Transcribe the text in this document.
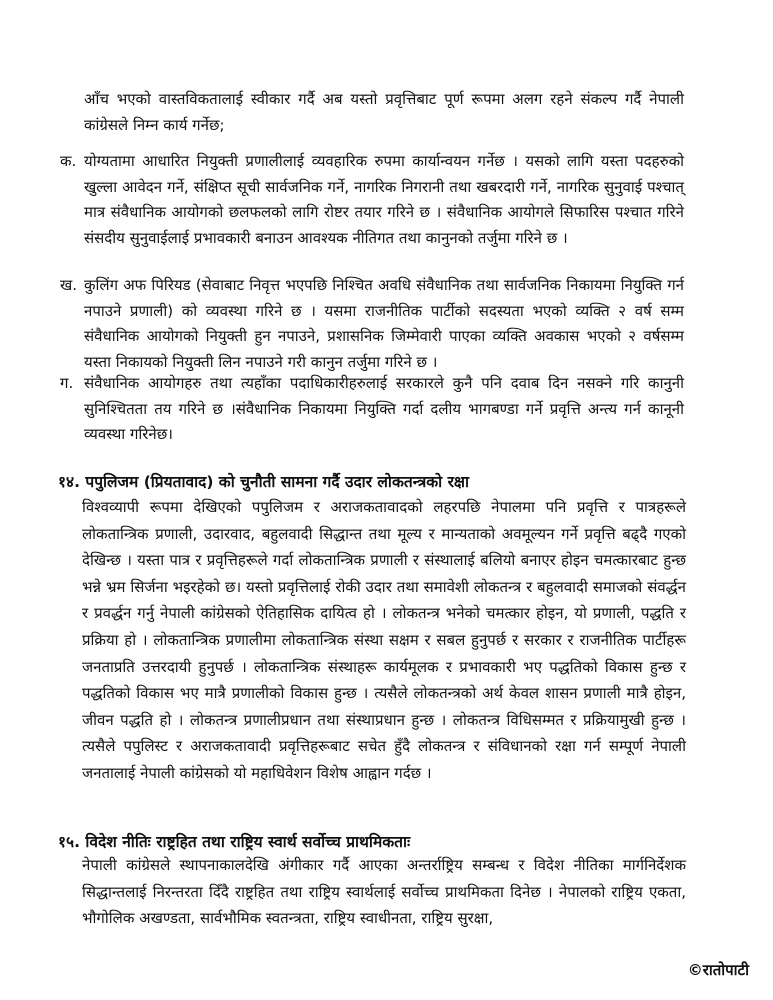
आँच भएको वास्तविकतालाई स्वीकार गर्दै अब यस्तो प्रवृत्तिबाट पूर्ण रूपमा अलग रहने संकल्प गर्दै नेपाली कांग्रेसले निम्न कार्य गर्नेछ;

क. योग्यतामा आधारित नियुक्ती प्रणालीलाई व्यवहारिक रुपमा कार्यान्वयन गर्नेछ । यसको लागि यस्ता पदहरुको खुल्ला आवेदन गर्ने, संक्षिप्त सूची सार्वजनिक गर्ने, नागरिक निगरानी तथा खबरदारी गर्ने, नागरिक सुनुवाई पश्चात् मात्र संवैधानिक आयोगको छलफलको लागि रोष्टर तयार गरिने छ । संवैधानिक आयोगले सिफारिस पश्चात गरिने संसदीय सुनुवाईलाई प्रभावकारी बनाउन आवश्यक नीतिगत तथा कानुनको तर्जुमा गरिने छ ।

ख. कुलिंग अफ पिरियड (सेवाबाट निवृत्त भएपछि निश्चित अवधि संवैधानिक तथा सार्वजनिक निकायमा नियुक्ति गर्न नपाउने प्रणाली) को व्यवस्था गरिने छ । यसमा राजनीतिक पार्टीको सदस्यता भएको व्यक्ति २ वर्ष सम्म संवैधानिक आयोगको नियुक्ती हुन नपाउने, प्रशासनिक जिम्मेवारी पाएका व्यक्ति अवकास भएको २ वर्षसम्म यस्ता निकायको नियुक्ती लिन नपाउने गरी कानुन तर्जुमा गरिने छ ।

ग. संवैधानिक आयोगहरु तथा त्यहाँका पदाधिकारीहरुलाई सरकारले कुनै पनि दवाब दिन नसक्ने गरि कानुनी सुनिश्चितता तय गरिने छ ।संवैधानिक निकायमा नियुक्ति गर्दा दलीय भागबण्डा गर्ने प्रवृत्ति अन्त्य गर्न कानूनी व्यवस्था गरिनेछ।

१४. पपुलिजम (प्रियतावाद) को चुनौती सामना गर्दै उदार लोकतन्त्रको रक्षा

विश्वव्यापी रूपमा देखिएको पपुलिजम र अराजकतावादको लहरपछि नेपालमा पनि प्रवृत्ति र पात्रहरूले लोकतान्त्रिक प्रणाली, उदारवाद, बहुलवादी सिद्धान्त तथा मूल्य र मान्यताको अवमूल्यन गर्ने प्रवृत्ति बढ्दै गएको देखिन्छ । यस्ता पात्र र प्रवृत्तिहरूले गर्दा लोकतान्त्रिक प्रणाली र संस्थालाई बलियो बनाएर होइन चमत्कारबाट हुन्छ भन्ने भ्रम सिर्जना भइरहेको छ। यस्तो प्रवृत्तिलाई रोकी उदार तथा समावेशी लोकतन्त्र र बहुलवादी समाजको संवर्द्धन र प्रवर्द्धन गर्नु नेपाली कांग्रेसको ऐतिहासिक दायित्व हो । लोकतन्त्र भनेको चमत्कार होइन, यो प्रणाली, पद्धति र प्रक्रिया हो । लोकतान्त्रिक प्रणालीमा लोकतान्त्रिक संस्था सक्षम र सबल हुनुपर्छ र सरकार र राजनीतिक पार्टीहरू जनताप्रति उत्तरदायी हुनुपर्छ । लोकतान्त्रिक संस्थाहरू कार्यमूलक र प्रभावकारी भए पद्धतिको विकास हुन्छ र पद्धतिको विकास भए मात्रै प्रणालीको विकास हुन्छ । त्यसैले लोकतन्त्रको अर्थ केवल शासन प्रणाली मात्रै होइन, जीवन पद्धति हो । लोकतन्त्र प्रणालीप्रधान तथा संस्थाप्रधान हुन्छ । लोकतन्त्र विधिसम्मत र प्रक्रियामुखी हुन्छ । त्यसैले पपुलिस्ट र अराजकतावादी प्रवृत्तिहरूबाट सचेत हुँदै लोकतन्त्र र संविधानको रक्षा गर्न सम्पूर्ण नेपाली जनतालाई नेपाली कांग्रेसको यो महाधिवेशन विशेष आह्वान गर्दछ ।

१५. विदेश नीतिः राष्ट्रहित तथा राष्ट्रिय स्वार्थ सर्वोच्च प्राथमिकताः

नेपाली कांग्रेसले स्थापनाकालदेखि अंगीकार गर्दै आएका अन्तर्राष्ट्रिय सम्बन्ध र विदेश नीतिका मार्गनिर्देशक सिद्धान्तलाई निरन्तरता दिँदै राष्ट्रहित तथा राष्ट्रिय स्वार्थलाई सर्वोच्च प्राथमिकता दिनेछ । नेपालको राष्ट्रिय एकता, भौगोलिक अखण्डता, सार्वभौमिक स्वतन्त्रता, राष्ट्रिय स्वाधीनता, राष्ट्रिय सुरक्षा,

©रातोपाटी
